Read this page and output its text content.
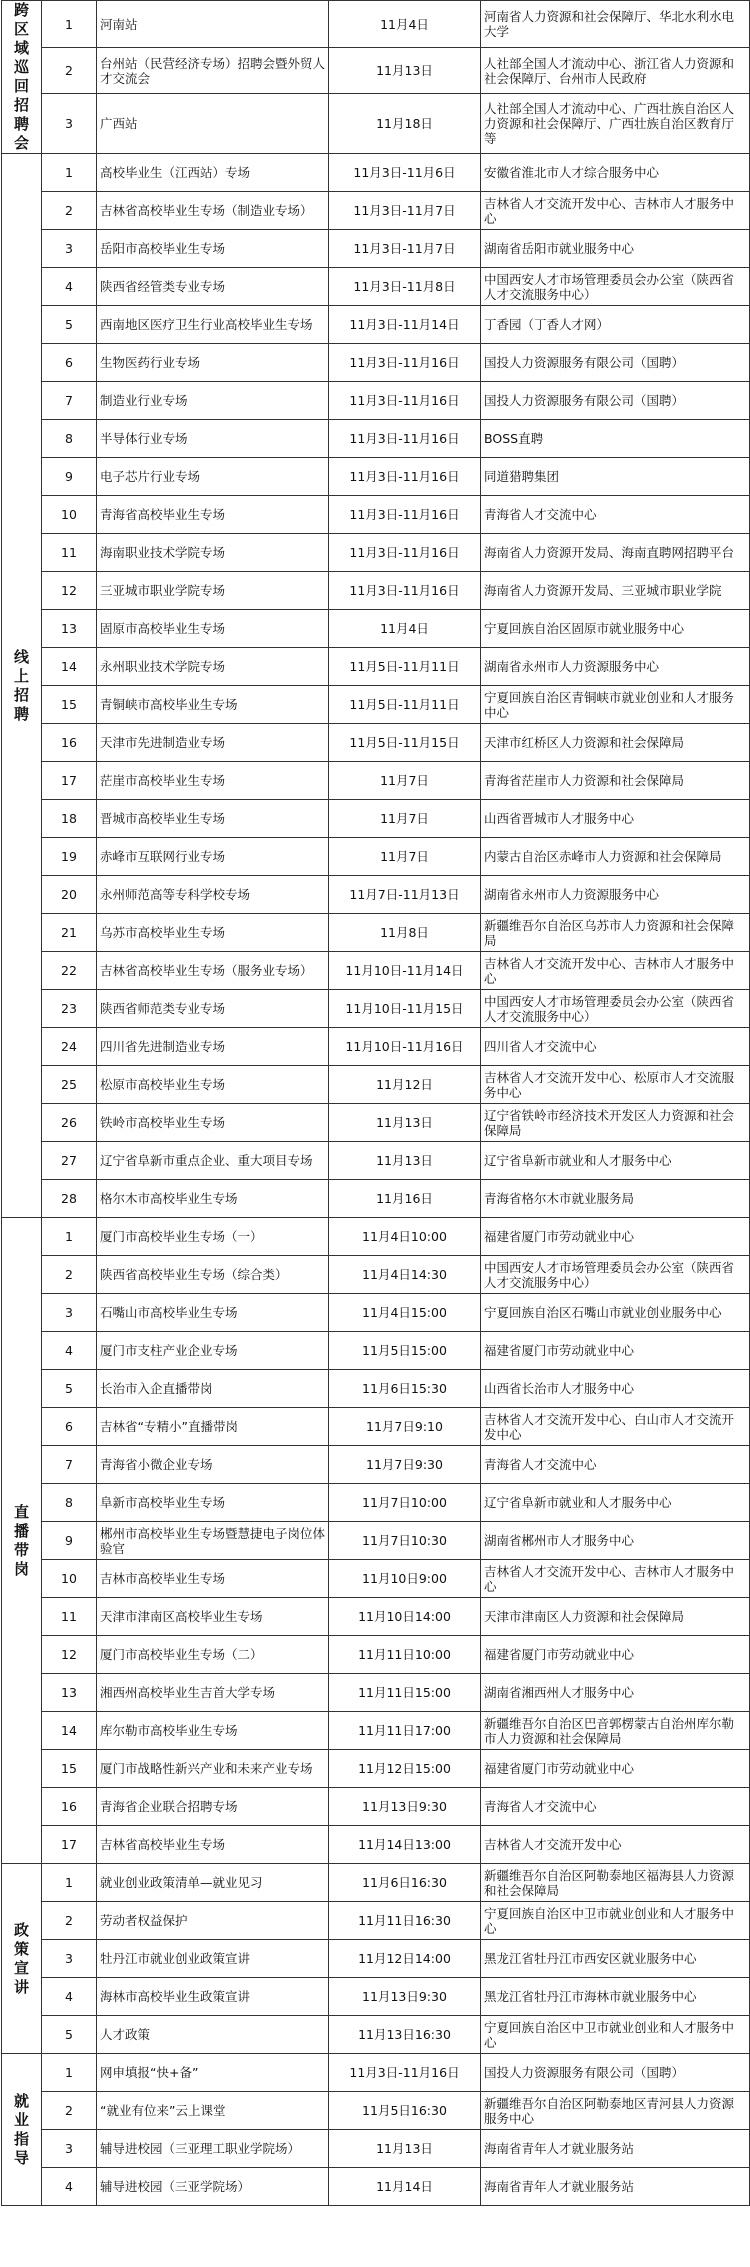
跨区域巡回招聘会	1	河南站	11月4日	河南省人力资源和社会保障厅、华北水利水电大学
	2	台州站（民营经济专场）招聘会暨外贸人才交流会	11月13日	人社部全国人才流动中心、浙江省人力资源和社会保障厅、台州市人民政府
	3	广西站	11月18日	人社部全国人才流动中心、广西壮族自治区人力资源和社会保障厅、广西壮族自治区教育厅等

线上招聘	1	高校毕业生（江西站）专场	11月3日-11月6日	安徽省淮北市人才综合服务中心
	2	吉林省高校毕业生专场（制造业专场）	11月3日-11月7日	吉林省人才交流开发中心、吉林市人才服务中心
	3	岳阳市高校毕业生专场	11月3日-11月7日	湖南省岳阳市就业服务中心
	4	陕西省经管类专业专场	11月3日-11月8日	中国西安人才市场管理委员会办公室（陕西省人才交流服务中心）
	5	西南地区医疗卫生行业高校毕业生专场	11月3日-11月14日	丁香园（丁香人才网）
	6	生物医药行业专场	11月3日-11月16日	国投人力资源服务有限公司（国聘）
	7	制造业行业专场	11月3日-11月16日	国投人力资源服务有限公司（国聘）
	8	半导体行业专场	11月3日-11月16日	BOSS直聘
	9	电子芯片行业专场	11月3日-11月16日	同道猎聘集团
	10	青海省高校毕业生专场	11月3日-11月16日	青海省人才交流中心
	11	海南职业技术学院专场	11月3日-11月16日	海南省人力资源开发局、海南直聘网招聘平台
	12	三亚城市职业学院专场	11月3日-11月16日	海南省人力资源开发局、三亚城市职业学院
	13	固原市高校毕业生专场	11月4日	宁夏回族自治区固原市就业服务中心
	14	永州职业技术学院专场	11月5日-11月11日	湖南省永州市人力资源服务中心
	15	青铜峡市高校毕业生专场	11月5日-11月11日	宁夏回族自治区青铜峡市就业创业和人才服务中心
	16	天津市先进制造业专场	11月5日-11月15日	天津市红桥区人力资源和社会保障局
	17	茫崖市高校毕业生专场	11月7日	青海省茫崖市人力资源和社会保障局
	18	晋城市高校毕业生专场	11月7日	山西省晋城市人才服务中心
	19	赤峰市互联网行业专场	11月7日	内蒙古自治区赤峰市人力资源和社会保障局
	20	永州师范高等专科学校专场	11月7日-11月13日	湖南省永州市人力资源服务中心
	21	乌苏市高校毕业生专场	11月8日	新疆维吾尔自治区乌苏市人力资源和社会保障局
	22	吉林省高校毕业生专场（服务业专场）	11月10日-11月14日	吉林省人才交流开发中心、吉林市人才服务中心
	23	陕西省师范类专业专场	11月10日-11月15日	中国西安人才市场管理委员会办公室（陕西省人才交流服务中心）
	24	四川省先进制造业专场	11月10日-11月16日	四川省人才交流中心
	25	松原市高校毕业生专场	11月12日	吉林省人才交流开发中心、松原市人才交流服务中心
	26	铁岭市高校毕业生专场	11月13日	辽宁省铁岭市经济技术开发区人力资源和社会保障局
	27	辽宁省阜新市重点企业、重大项目专场	11月13日	辽宁省阜新市就业和人才服务中心
	28	格尔木市高校毕业生专场	11月16日	青海省格尔木市就业服务局

直播带岗	1	厦门市高校毕业生专场（一）	11月4日10:00	福建省厦门市劳动就业中心
	2	陕西省高校毕业生专场（综合类）	11月4日14:30	中国西安人才市场管理委员会办公室（陕西省人才交流服务中心）
	3	石嘴山市高校毕业生专场	11月4日15:00	宁夏回族自治区石嘴山市就业创业服务中心
	4	厦门市支柱产业企业专场	11月5日15:00	福建省厦门市劳动就业中心
	5	长治市入企直播带岗	11月6日15:30	山西省长治市人才服务中心
	6	吉林省“专精小”直播带岗	11月7日9:10	吉林省人才交流开发中心、白山市人才交流开发中心
	7	青海省小微企业专场	11月7日9:30	青海省人才交流中心
	8	阜新市高校毕业生专场	11月7日10:00	辽宁省阜新市就业和人才服务中心
	9	郴州市高校毕业生专场暨慧捷电子岗位体验官	11月7日10:30	湖南省郴州市人才服务中心
	10	吉林市高校毕业生专场	11月10日9:00	吉林省人才交流开发中心、吉林市人才服务中心
	11	天津市津南区高校毕业生专场	11月10日14:00	天津市津南区人力资源和社会保障局
	12	厦门市高校毕业生专场（二）	11月11日10:00	福建省厦门市劳动就业中心
	13	湘西州高校毕业生吉首大学专场	11月11日15:00	湖南省湘西州人才服务中心
	14	库尔勒市高校毕业生专场	11月11日17:00	新疆维吾尔自治区巴音郭楞蒙古自治州库尔勒市人力资源和社会保障局
	15	厦门市战略性新兴产业和未来产业专场	11月12日15:00	福建省厦门市劳动就业中心
	16	青海省企业联合招聘专场	11月13日9:30	青海省人才交流中心
	17	吉林省高校毕业生专场	11月14日13:00	吉林省人才交流开发中心

政策宣讲	1	就业创业政策清单—就业见习	11月6日16:30	新疆维吾尔自治区阿勒泰地区福海县人力资源和社会保障局
	2	劳动者权益保护	11月11日16:30	宁夏回族自治区中卫市就业创业和人才服务中心
	3	牡丹江市就业创业政策宣讲	11月12日14:00	黑龙江省牡丹江市西安区就业服务中心
	4	海林市高校毕业生政策宣讲	11月13日9:30	黑龙江省牡丹江市海林市就业服务中心
	5	人才政策	11月13日16:30	宁夏回族自治区中卫市就业创业和人才服务中心

就业指导	1	网申填报“快+备”	11月3日-11月16日	国投人力资源服务有限公司（国聘）
	2	“就业有位来”云上课堂	11月5日16:30	新疆维吾尔自治区阿勒泰地区青河县人力资源服务中心
	3	辅导进校园（三亚理工职业学院场）	11月13日	海南省青年人才就业服务站
	4	辅导进校园（三亚学院场）	11月14日	海南省青年人才就业服务站
